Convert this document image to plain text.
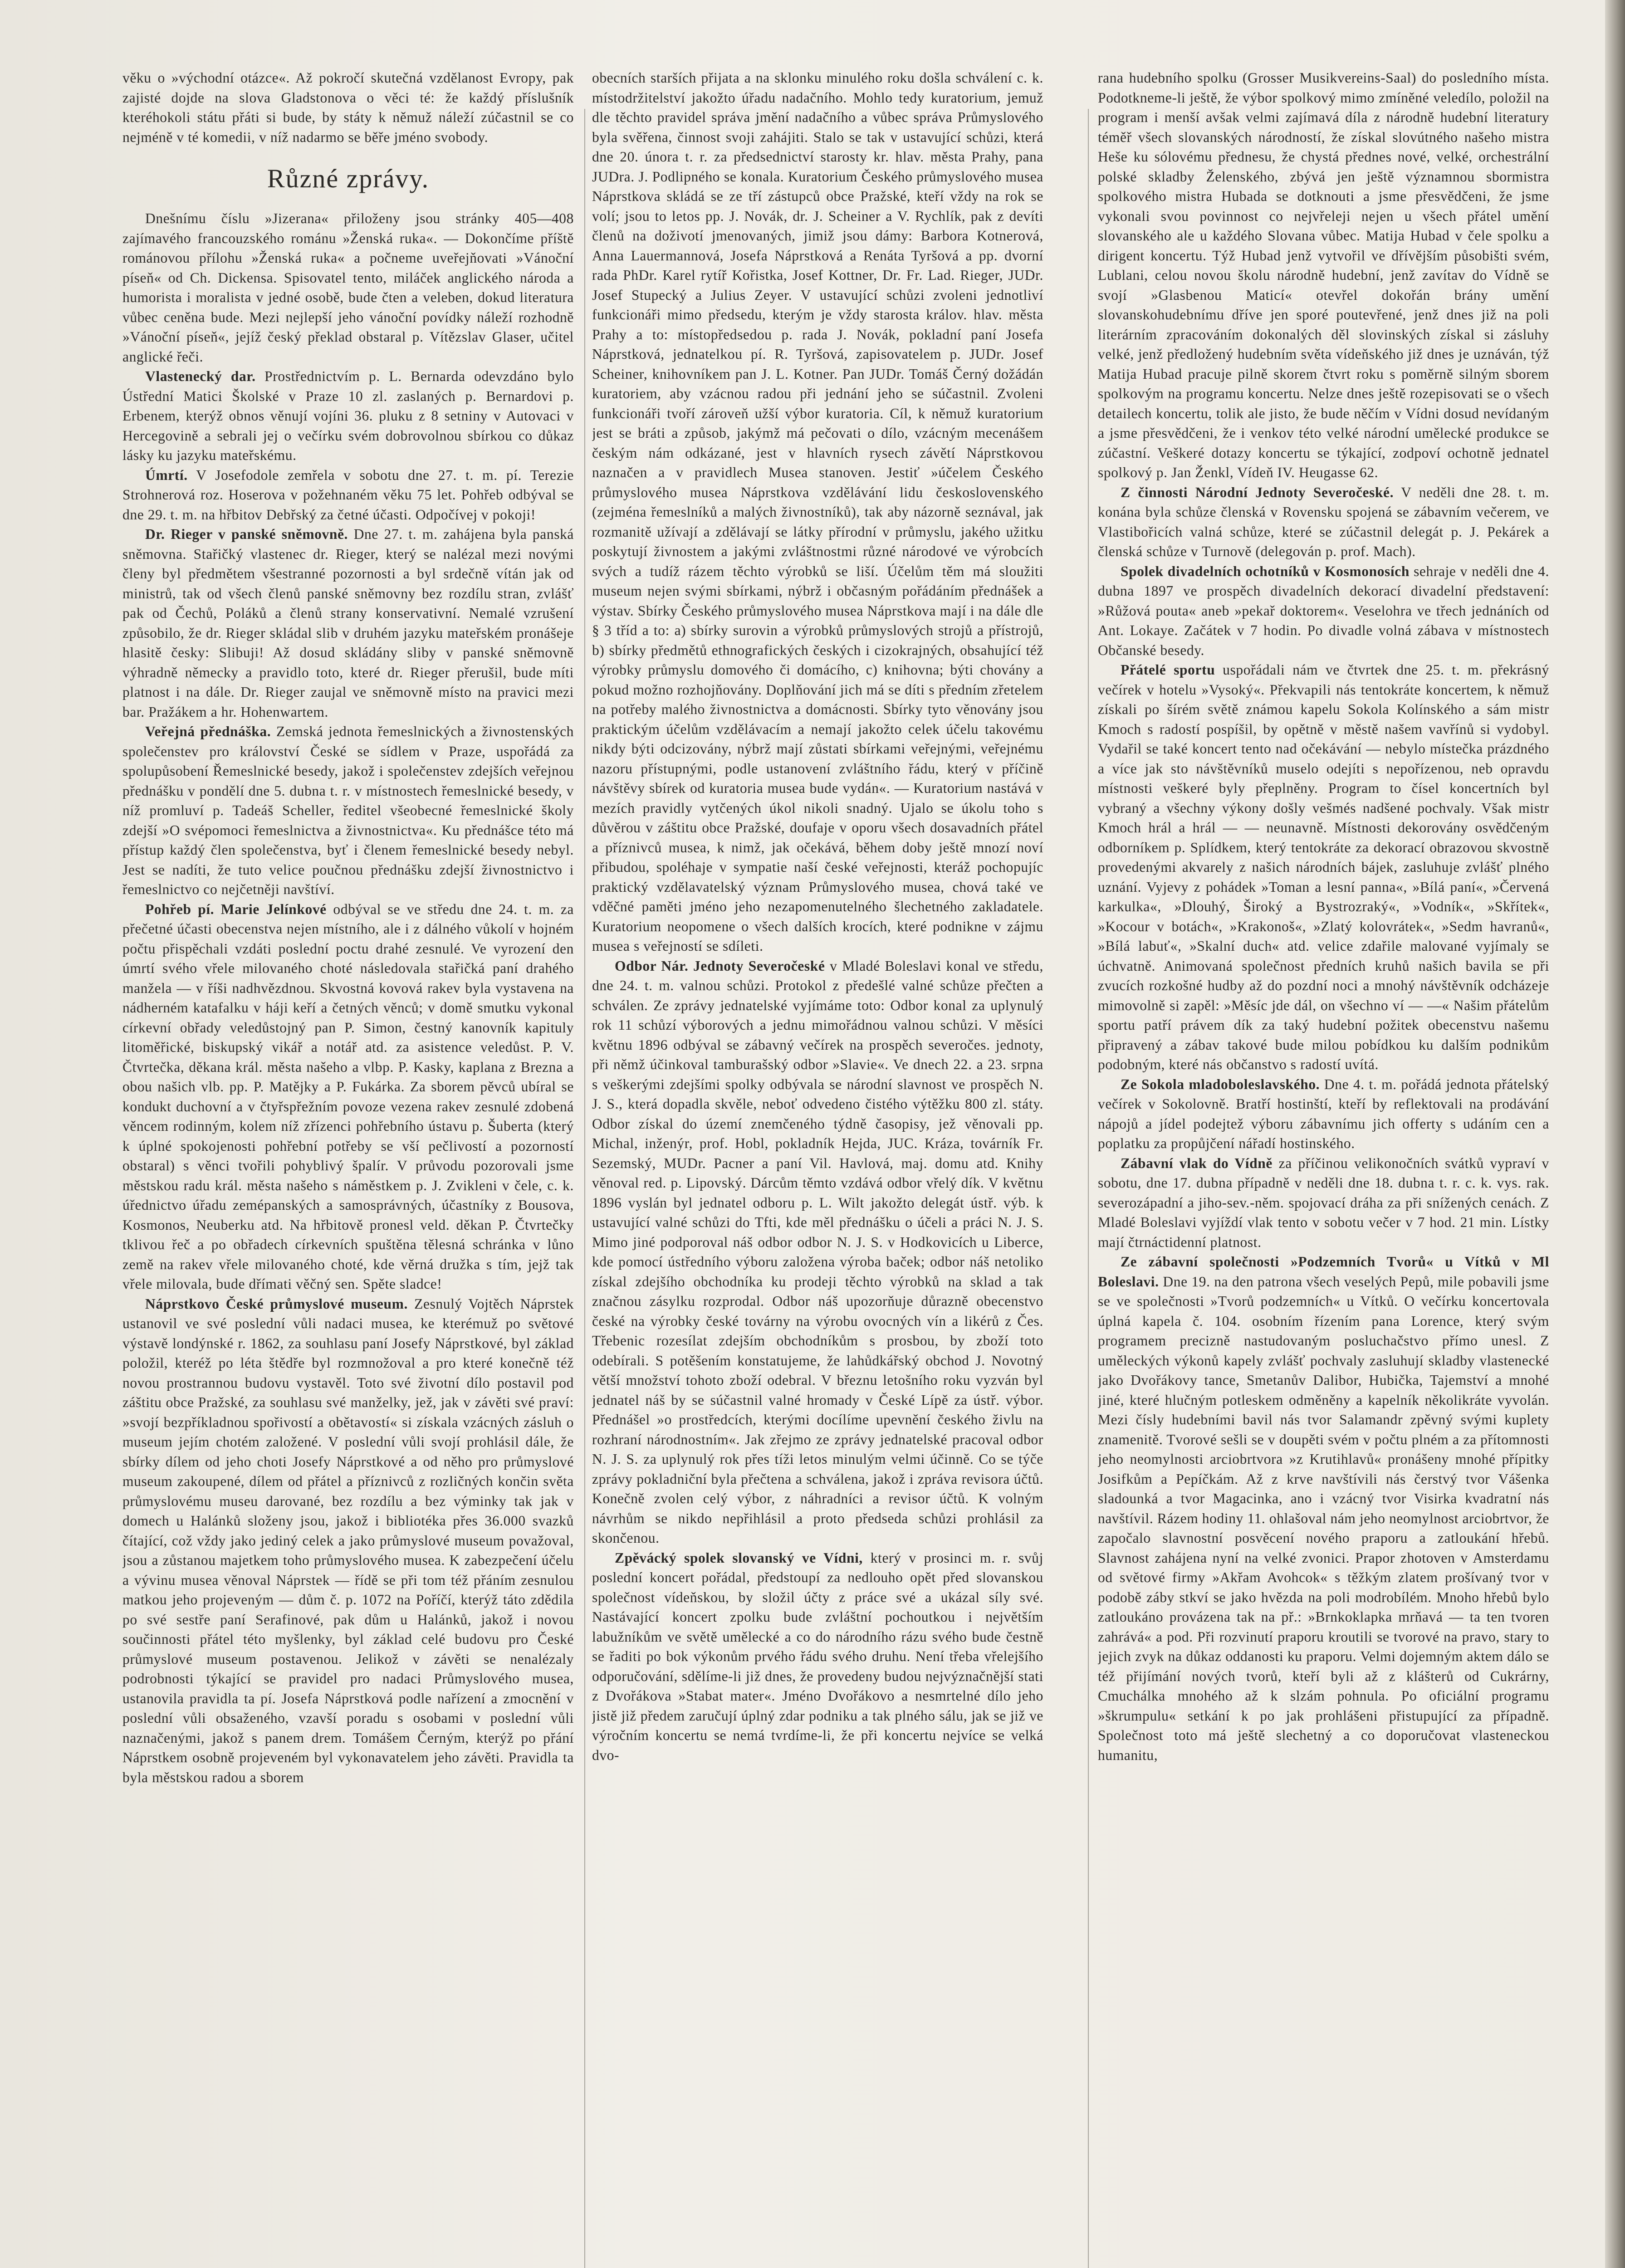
věku o »východní otázce«. Až pokročí skutečná vzdělanost Evropy, pak zajisté dojde na slova Gladstonova o věci té: že každý příslušník kteréhokoli státu přáti si bude, by státy k němuž náleží zúčastnil se co nejméně v té komedii, v níž nadarmo se běře jméno svobody.

Různé zprávy.

Dnešnímu číslu »Jizerana« přiloženy jsou stránky 405—408 zajímavého francouzského románu »Ženská ruka«. — Dokončíme příště románovou přílohu »Ženská ruka« a počneme uveřejňovati »Vánoční píseň« od Ch. Dickensa. Spisovatel tento, miláček anglického národa a humorista i moralista v jedné osobě, bude čten a veleben, dokud literatura vůbec ceněna bude. Mezi nejlepší jeho vánoční povídky náleží rozhodně »Vánoční píseň«, jejíž český překlad obstaral p. Vítězslav Glaser, učitel anglické řeči.

Vlastenecký dar. Prostřednictvím p. L. Bernarda odevzdáno bylo Ústřední Matici Školské v Praze 10 zl. zaslaných p. Bernardovi p. Erbenem, kterýž obnos věnují vojíni 36. pluku z 8 setniny v Autovaci v Hercegovině a sebrali jej o večírku svém dobrovolnou sbírkou co důkaz lásky ku jazyku mateřskému.

Úmrtí. V Josefodole zemřela v sobotu dne 27. t. m. pí. Terezie Strohnerová roz. Hoserova v požehnaném věku 75 let. Pohřeb odbýval se dne 29. t. m. na hřbitov Debřský za četné účasti. Odpočívej v pokoji!

Dr. Rieger v panské sněmovně. Dne 27. t. m. zahájena byla panská sněmovna. Stařičký vlastenec dr. Rieger, který se nalézal mezi novými členy byl předmětem všestranné pozornosti a byl srdečně vítán jak od ministrů, tak od všech členů panské sněmovny bez rozdílu stran, zvlášť pak od Čechů, Poláků a členů strany konservativní. Nemalé vzrušení způsobilo, že dr. Rieger skládal slib v druhém jazyku mateřském pronášeje hlasitě česky: Slibuji! Až dosud skládány sliby v panské sněmovně výhradně německy a pravidlo toto, které dr. Rieger přerušil, bude míti platnost i na dále. Dr. Rieger zaujal ve sněmovně místo na pravici mezi bar. Pražákem a hr. Hohenwartem.

Veřejná přednáška. Zemská jednota řemeslnických a živnostenských společenstev pro království České se sídlem v Praze, uspořádá za spolupůsobení Řemeslnické besedy, jakož i společenstev zdejších veřejnou přednášku v pondělí dne 5. dubna t. r. v místnostech řemeslnické besedy, v níž promluví p. Tadeáš Scheller, ředitel všeobecné řemeslnické školy zdejší »O svépomoci řemeslnictva a živnostnictva«. Ku přednášce této má přístup každý člen společenstva, byť i členem řemeslnické besedy nebyl. Jest se nadíti, že tuto velice poučnou přednášku zdejší živnostnictvo i řemeslnictvo co nejčetněji navštíví.

Pohřeb pí. Marie Jelínkové odbýval se ve středu dne 24. t. m. za přečetné účasti obecenstva nejen místního, ale i z dálného vůkolí v hojném počtu přispěchali vzdáti poslední poctu drahé zesnulé. Ve vyrození den úmrtí svého vřele milovaného choté následovala stařičká paní drahého manžela — v říši nadhvězdnou. Skvostná kovová rakev byla vystavena na nádherném katafalku v háji keří a četných věnců; v domě smutku vykonal církevní obřady veledůstojný pan P. Simon, čestný kanovník kapituly litoměřické, biskupský vikář a notář atd. za asistence veledůst. P. V. Čtvrtečka, děkana král. města našeho a vlbp. P. Kasky, kaplana z Brezna a obou našich vlb. pp. P. Matějky a P. Fukárka. Za sborem pěvců ubíral se kondukt duchovní a v čtyřspřežním povoze vezena rakev zesnulé zdobená věncem rodinným, kolem níž zřízenci pohřebního ústavu p. Šuberta (který k úplné spokojenosti pohřební potřeby se vší pečlivostí a pozorností obstaral) s věnci tvořili pohyblivý špalír. V průvodu pozorovali jsme městskou radu král. města našeho s náměstkem p. J. Zvikleni v čele, c. k. úřednictvo úřadu zemépanských a samosprávných, účastníky z Bousova, Kosmonos, Neuberku atd. Na hřbitově pronesl veld. děkan P. Čtvrtečky tklivou řeč a po obřadech církevních spuštěna tělesná schránka v lůno země na rakev vřele milovaného choté, kde věrná družka s tím, jejž tak vřele milovala, bude dřímati věčný sen. Spěte sladce!

Náprstkovo České průmyslové museum. Zesnulý Vojtěch Náprstek ustanovil ve své poslední vůli nadaci musea, ke kterémuž po světové výstavě londýnské r. 1862, za souhlasu paní Josefy Náprstkové, byl základ položil, kteréž po léta štědře byl rozmnožoval a pro které konečně též novou prostrannou budovu vystavěl. Toto své životní dílo postavil pod záštitu obce Pražské, za souhlasu své manželky, jež, jak v závěti své praví: »svojí bezpříkladnou spořivostí a obětavostí« si získala vzácných zásluh o museum jejím chotém založené. V poslední vůli svojí prohlásil dále, že sbírky dílem od jeho choti Josefy Náprstkové a od něho pro průmyslové museum zakoupené, dílem od přátel a příznivců z rozličných končin světa průmyslovému museu darované, bez rozdílu a bez výminky tak jak v domech u Halánků složeny jsou, jakož i bibliotéka přes 36.000 svazků čítající, což vždy jako jediný celek a jako průmyslové museum považoval, jsou a zůstanou majetkem toho průmyslového musea. K zabezpečení účelu a vývinu musea věnoval Náprstek — řídě se při tom též přáním zesnulou matkou jeho projeveným — dům č. p. 1072 na Poříčí, kterýž táto zdědila po své sestře paní Serafinové, pak dům u Halánků, jakož i novou součinnosti přátel této myšlenky, byl základ celé budovu pro České průmyslové museum postavenou. Jelikož v závěti se nenalézaly podrobnosti týkající se pravidel pro nadaci Průmyslového musea, ustanovila pravidla ta pí. Josefa Náprstková podle nařízení a zmocnění v poslední vůli obsaženého, vzavší poradu s osobami v poslední vůli naznačenými, jakož s panem drem. Tomášem Černým, kterýž po přání Náprstkem osobně projeveném byl vykonavatelem jeho závěti. Pravidla ta byla městskou radou a sborem

obecních starších přijata a na sklonku minulého roku došla schválení c. k. místodržitelství jakožto úřadu nadačního. Mohlo tedy kuratorium, jemuž dle těchto pravidel správa jmění nadačního a vůbec správa Průmyslového byla svěřena, činnost svoji zahájiti. Stalo se tak v ustavující schůzi, která dne 20. února t. r. za předsednictví starosty kr. hlav. města Prahy, pana JUDra. J. Podlipného se konala. Kuratorium Českého průmyslového musea Náprstkova skládá se ze tří zástupců obce Pražské, kteří vždy na rok se volí; jsou to letos pp. J. Novák, dr. J. Scheiner a V. Rychlík, pak z devíti členů na doživotí jmenovaných, jimiž jsou dámy: Barbora Kotnerová, Anna Lauermannová, Josefa Náprstková a Renáta Tyršová a pp. dvorní rada PhDr. Karel rytíř Kořistka, Josef Kottner, Dr. Fr. Lad. Rieger, JUDr. Josef Stupecký a Julius Zeyer. V ustavující schůzi zvoleni jednotliví funkcionáři mimo předsedu, kterým je vždy starosta králov. hlav. města Prahy a to: místopředsedou p. rada J. Novák, pokladní paní Josefa Náprstková, jednatelkou pí. R. Tyršová, zapisovatelem p. JUDr. Josef Scheiner, knihovníkem pan J. L. Kotner. Pan JUDr. Tomáš Černý dožádán kuratoriem, aby vzácnou radou při jednání jeho se súčastnil. Zvoleni funkcionáři tvoří zároveň užší výbor kuratoria. Cíl, k němuž kuratorium jest se bráti a způsob, jakýmž má pečovati o dílo, vzácným mecenášem českým nám odkázané, jest v hlavních rysech závětí Náprstkovou naznačen a v pravidlech Musea stanoven. Jestiť »účelem Českého průmyslového musea Náprstkova vzdělávání lidu československého (zejména řemeslníků a malých živnostníků), tak aby názorně seznával, jak rozmanitě užívají a zdělávají se látky přírodní v průmyslu, jakého užitku poskytují živnostem a jakými zvláštnostmi různé národové ve výrobcích svých a tudíž rázem těchto výrobků se liší. Účelům těm má sloužiti museum nejen svými sbírkami, nýbrž i občasným pořádáním přednášek a výstav. Sbírky Českého průmyslového musea Náprstkova mají i na dále dle § 3 tříd a to: a) sbírky surovin a výrobků průmyslových strojů a přístrojů, b) sbírky předmětů ethnografických českých i cizokrajných, obsahující též výrobky průmyslu domového či domácího, c) knihovna; býti chovány a pokud možno rozhojňovány. Doplňování jich má se díti s předním zřetelem na potřeby malého živnostnictva a domácnosti. Sbírky tyto věnovány jsou praktickým účelům vzdělávacím a nemají jakožto celek účelu takovému nikdy býti odcizovány, nýbrž mají zůstati sbírkami veřejnými, veřejnému nazoru přístupnými, podle ustanovení zvláštního řádu, který v příčině návštěvy sbírek od kuratoria musea bude vydán«. — Kuratorium nastává v mezích pravidly vytčených úkol nikoli snadný. Ujalo se úkolu toho s důvěrou v záštitu obce Pražské, doufaje v oporu všech dosavadních přátel a příznivců musea, k nimž, jak očekává, během doby ještě mnozí noví přibudou, spoléhaje v sympatie naší české veřejnosti, kteráž pochopujíc praktický vzdělavatelský význam Průmyslového musea, chová také ve vděčné paměti jméno jeho nezapomenutelného šlechetného zakladatele. Kuratorium neopomene o všech dalších krocích, které podnikne v zájmu musea s veřejností se sdíleti.

Odbor Nár. Jednoty Severočeské v Mladé Boleslavi konal ve středu, dne 24. t. m. valnou schůzi. Protokol z předešlé valné schůze přečten a schválen. Ze zprávy jednatelské vyjímáme toto: Odbor konal za uplynulý rok 11 schůzí výborových a jednu mimořádnou valnou schůzi. V měsíci květnu 1896 odbýval se zábavný večírek na prospěch severočes. jednoty, při němž účinkoval tamburašský odbor »Slavie«. Ve dnech 22. a 23. srpna s veškerými zdejšími spolky odbývala se národní slavnost ve prospěch N. J. S., která dopadla skvěle, neboť odvedeno čistého výtěžku 800 zl. státy. Odbor získal do území znemčeného týdně časopisy, jež věnovali pp. Michal, inženýr, prof. Hobl, pokladník Hejda, JUC. Kráza, továrník Fr. Sezemský, MUDr. Pacner a paní Vil. Havlová, maj. domu atd. Knihy věnoval red. p. Lipovský. Dárcům těmto vzdává odbor vřelý dík. V květnu 1896 vyslán byl jednatel odboru p. L. Wilt jakožto delegát ústř. výb. k ustavující valné schůzi do Tfti, kde měl přednášku o účeli a práci N. J. S. Mimo jiné podporoval náš odbor odbor N. J. S. v Hodkovicích u Liberce, kde pomocí ústředního výboru založena výroba baček; odbor náš netoliko získal zdejšího obchodníka ku prodeji těchto výrobků na sklad a tak značnou zásylku rozprodal. Odbor náš upozorňuje důrazně obecenstvo české na výrobky české továrny na výrobu ovocných vín a likérů z Čes. Třebenic rozesílat zdejším obchodníkům s prosbou, by zboží toto odebírali. S potěšením konstatujeme, že lahůdkářský obchod J. Novotný větší množství tohoto zboží odebral. V březnu letošního roku vyzván byl jednatel náš by se súčastnil valné hromady v České Lípě za ústř. výbor. Přednášel »o prostředcích, kterými docílíme upevnění českého živlu na rozhraní národnostním«. Jak zřejmo ze zprávy jednatelské pracoval odbor N. J. S. za uplynulý rok přes tíži letos minulým velmi účinně. Co se týče zprávy pokladniční byla přečtena a schválena, jakož i zpráva revisora účtů. Konečně zvolen celý výbor, z náhradníci a revisor účtů. K volným návrhům se nikdo nepřihlásil a proto předseda schůzi prohlásil za skončenou.

Zpěvácký spolek slovanský ve Vídni, který v prosinci m. r. svůj poslední koncert pořádal, předstoupí za nedlouho opět před slovanskou společnost vídeňskou, by složil účty z práce své a ukázal síly své. Nastávající koncert zpolku bude zvláštní pochoutkou i největším labužníkům ve světě umělecké a co do národního rázu svého bude čestně se řaditi po bok výkonům prvého řádu svého druhu. Není třeba vřelejšího odporučování, sdělíme-li již dnes, že provedeny budou nejvýznačnější stati z Dvořákova »Stabat mater«. Jméno Dvořákovo a nesmrtelné dílo jeho jistě již předem zaručují úplný zdar podniku a tak plného sálu, jak se již ve výročním koncertu se nemá tvrdíme-li, že při koncertu nejvíce se velká dvo-

rana hudebního spolku (Grosser Musikvereins-Saal) do posledního místa. Podotkneme-li ještě, že výbor spolkový mimo zmíněné veledílo, položil na program i menší avšak velmi zajímavá díla z národně hudební literatury téměř všech slovanských národností, že získal slovútného našeho mistra Heše ku sólovému přednesu, že chystá přednes nové, velké, orchestrální polské skladby Želenského, zbývá jen ještě významnou sbormistra spolkového mistra Hubada se dotknouti a jsme přesvědčeni, že jsme vykonali svou povinnost co nejvřeleji nejen u všech přátel umění slovanského ale u každého Slovana vůbec. Matija Hubad v čele spolku a dirigent koncertu. Týž Hubad jenž vytvořil ve dřívějším působišti svém, Lublani, celou novou školu národně hudební, jenž zavítav do Vídně se svojí »Glasbenou Maticí« otevřel dokořán brány umění slovanskohudebnímu dříve jen sporé poutevřené, jenž dnes již na poli literárním zpracováním dokonalých děl slovinských získal si zásluhy velké, jenž předložený hudebním světa vídeňského již dnes je uznáván, týž Matija Hubad pracuje pilně skorem čtvrt roku s poměrně silným sborem spolkovým na programu koncertu. Nelze dnes ještě rozepisovati se o všech detailech koncertu, tolik ale jisto, že bude něčím v Vídni dosud nevídaným a jsme přesvědčeni, že i venkov této velké národní umělecké produkce se zúčastní. Veškeré dotazy koncertu se týkající, zodpoví ochotně jednatel spolkový p. Jan Ženkl, Vídeň IV. Heugasse 62.

Z činnosti Národní Jednoty Severočeské. V neděli dne 28. t. m. konána byla schůze členská v Rovensku spojená se zábavním večerem, ve Vlastibořicích valná schůze, které se zúčastnil delegát p. J. Pekárek a členská schůze v Turnově (delegován p. prof. Mach).

Spolek divadelních ochotníků v Kosmonosích sehraje v neděli dne 4. dubna 1897 ve prospěch divadelních dekorací divadelní představení: »Růžová pouta« aneb »pekař doktorem«. Veselohra ve třech jednáních od Ant. Lokaye. Začátek v 7 hodin. Po divadle volná zábava v místnostech Občanské besedy.

Přátelé sportu uspořádali nám ve čtvrtek dne 25. t. m. překrásný večírek v hotelu »Vysoký«. Překvapili nás tentokráte koncertem, k němuž získali po šírém světě známou kapelu Sokola Kolínského a sám mistr Kmoch s radostí pospíšil, by opětně v městě našem vavřínů si vydobyl. Vydařil se také koncert tento nad očekávání — nebylo místečka prázdného a více jak sto návštěvníků muselo odejíti s nepořízenou, neb opravdu místnosti veškeré byly přeplněny. Program to čísel koncertních byl vybraný a všechny výkony došly vešmés nadšené pochvaly. Však mistr Kmoch hrál a hrál — — neunavně. Místnosti dekorovány osvědčeným odborníkem p. Splídkem, který tentokráte za dekorací obrazovou skvostně provedenými akvarely z našich národních bájek, zasluhuje zvlášť plného uznání. Vyjevy z pohádek »Toman a lesní panna«, »Bílá paní«, »Červená karkulka«, »Dlouhý, Široký a Bystrozraký«, »Vodník«, »Skřítek«, »Kocour v botách«, »Krakonoš«, »Zlatý kolovrátek«, »Sedm havranů«, »Bílá labuť«, »Skalní duch« atd. velice zdařile malované vyjímaly se úchvatně. Animovaná společnost předních kruhů našich bavila se při zvucích rozkošné hudby až do pozdní noci a mnohý návštěvník odcházeje mimovolně si zapěl: »Měsíc jde dál, on všechno ví — —« Našim přátelům sportu patří právem dík za taký hudební požitek obecenstvu našemu připravený a zábav takové bude milou pobídkou ku dalším podnikům podobným, které nás občanstvo s radostí uvítá.

Ze Sokola mladoboleslavského. Dne 4. t. m. pořádá jednota přátelský večírek v Sokolovně. Bratří hostinští, kteří by reflektovali na prodávání nápojů a jídel podejtež výboru zábavnímu jich offerty s udáním cen a poplatku za propůjčení nářadí hostinského.

Zábavní vlak do Vídně za příčinou velikonočních svátků vypraví v sobotu, dne 17. dubna případně v neděli dne 18. dubna t. r. c. k. vys. rak. severozápadní a jiho-sev.-něm. spojovací dráha za při snížených cenách. Z Mladé Boleslavi vyjíždí vlak tento v sobotu večer v 7 hod. 21 min. Lístky mají čtrnáctidenní platnost.

Ze zábavní společnosti »Podzemních Tvorů« u Vítků v Ml Boleslavi. Dne 19. na den patrona všech veselých Pepů, mile pobavili jsme se ve společnosti »Tvorů podzemních« u Vítků. O večírku koncertovala úplná kapela č. 104. osobním řízením pana Lorence, který svým programem precizně nastudovaným posluchačstvo přímo unesl. Z uměleckých výkonů kapely zvlášť pochvaly zasluhují skladby vlastenecké jako Dvořákovy tance, Smetanův Dalibor, Hubička, Tajemství a mnohé jiné, které hlučným potleskem odměněny a kapelník několikráte vyvolán. Mezi čísly hudebními bavil nás tvor Salamandr zpěvný svými kuplety znamenitě. Tvorové sešli se v doupěti svém v počtu plném a za přítomnosti jeho neomylnosti arciobrtvora »z Krutihlavů« pronášeny mnohé přípitky Josifkům a Pepíčkám. Až z krve navštívili nás čerstvý tvor Vášenka sladounká a tvor Magacinka, ano i vzácný tvor Visirka kvadratní nás navštívil. Rázem hodiny 11. ohlašoval nám jeho neomylnost arciobrtvor, že započalo slavnostní posvěcení nového praporu a zatloukání hřebů. Slavnost zahájena nyní na velké zvonici. Prapor zhotoven v Amsterdamu od světové firmy »Akřam Avohcok« s těžkým zlatem prošívaný tvor v podobě záby stkví se jako hvězda na poli modrobílém. Mnoho hřebů bylo zatloukáno provázena tak na př.: »Brnkoklapka mrňavá — ta ten tvoren zahrává« a pod. Při rozvinutí praporu kroutili se tvorové na pravo, stary to jejich zvyk na důkaz oddanosti ku praporu. Velmi dojemným aktem dálo se též přijímání nových tvorů, kteří byli až z klášterů od Cukrárny, Cmuchálka mnohého až k slzám pohnula. Po oficiální programu »škrumpulu« setkání k po jak prohlášeni přistupující za případně. Společnost toto má ještě slechetný a co doporučovat vlasteneckou humanitu,
